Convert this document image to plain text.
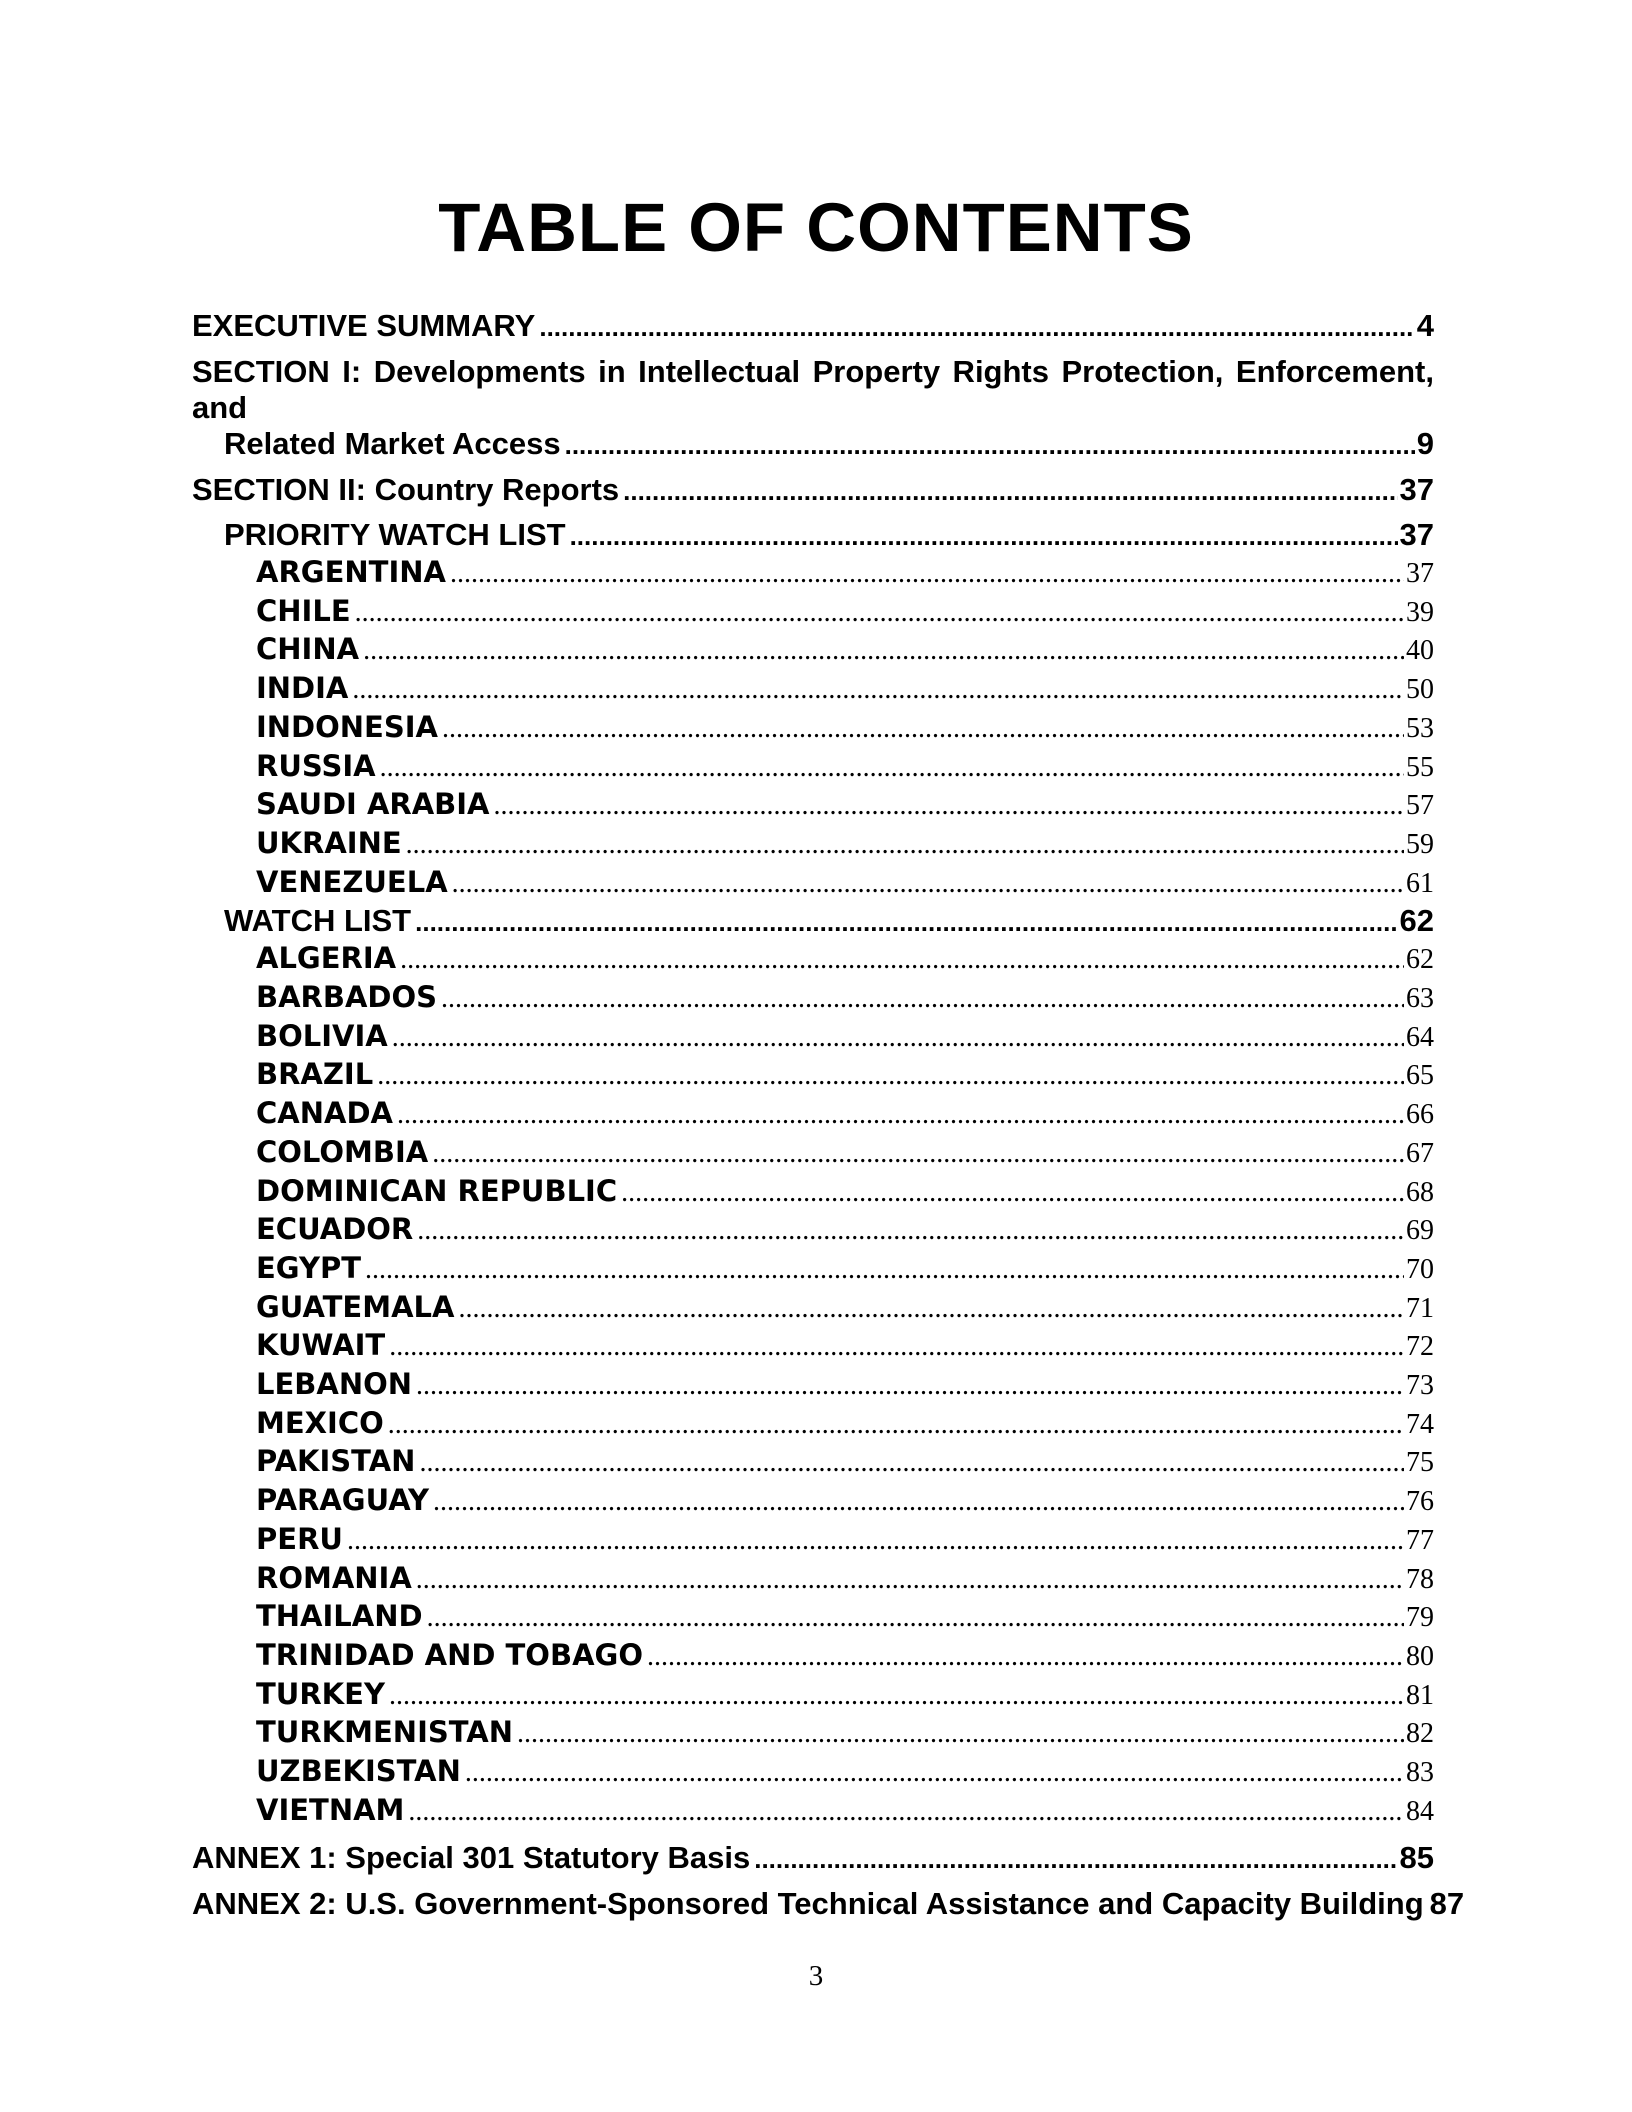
TABLE OF CONTENTS
EXECUTIVE SUMMARY .....	4
SECTION I: Developments in Intellectual Property Rights Protection, Enforcement, and
Related Market Access .....	9
SECTION II: Country Reports .....	37
PRIORITY WATCH LIST .....	37
ARGENTINA .....	37
CHILE .....	39
CHINA .....	40
INDIA .....	50
INDONESIA .....	53
RUSSIA .....	55
SAUDI ARABIA .....	57
UKRAINE .....	59
VENEZUELA .....	61
WATCH LIST .....	62
ALGERIA .....	62
BARBADOS .....	63
BOLIVIA .....	64
BRAZIL .....	65
CANADA .....	66
COLOMBIA .....	67
DOMINICAN REPUBLIC .....	68
ECUADOR .....	69
EGYPT .....	70
GUATEMALA .....	71
KUWAIT .....	72
LEBANON .....	73
MEXICO .....	74
PAKISTAN .....	75
PARAGUAY .....	76
PERU .....	77
ROMANIA .....	78
THAILAND .....	79
TRINIDAD AND TOBAGO .....	80
TURKEY .....	81
TURKMENISTAN .....	82
UZBEKISTAN .....	83
VIETNAM .....	84
ANNEX 1: Special 301 Statutory Basis .....	85
ANNEX 2: U.S. Government-Sponsored Technical Assistance and Capacity Building 87
3
